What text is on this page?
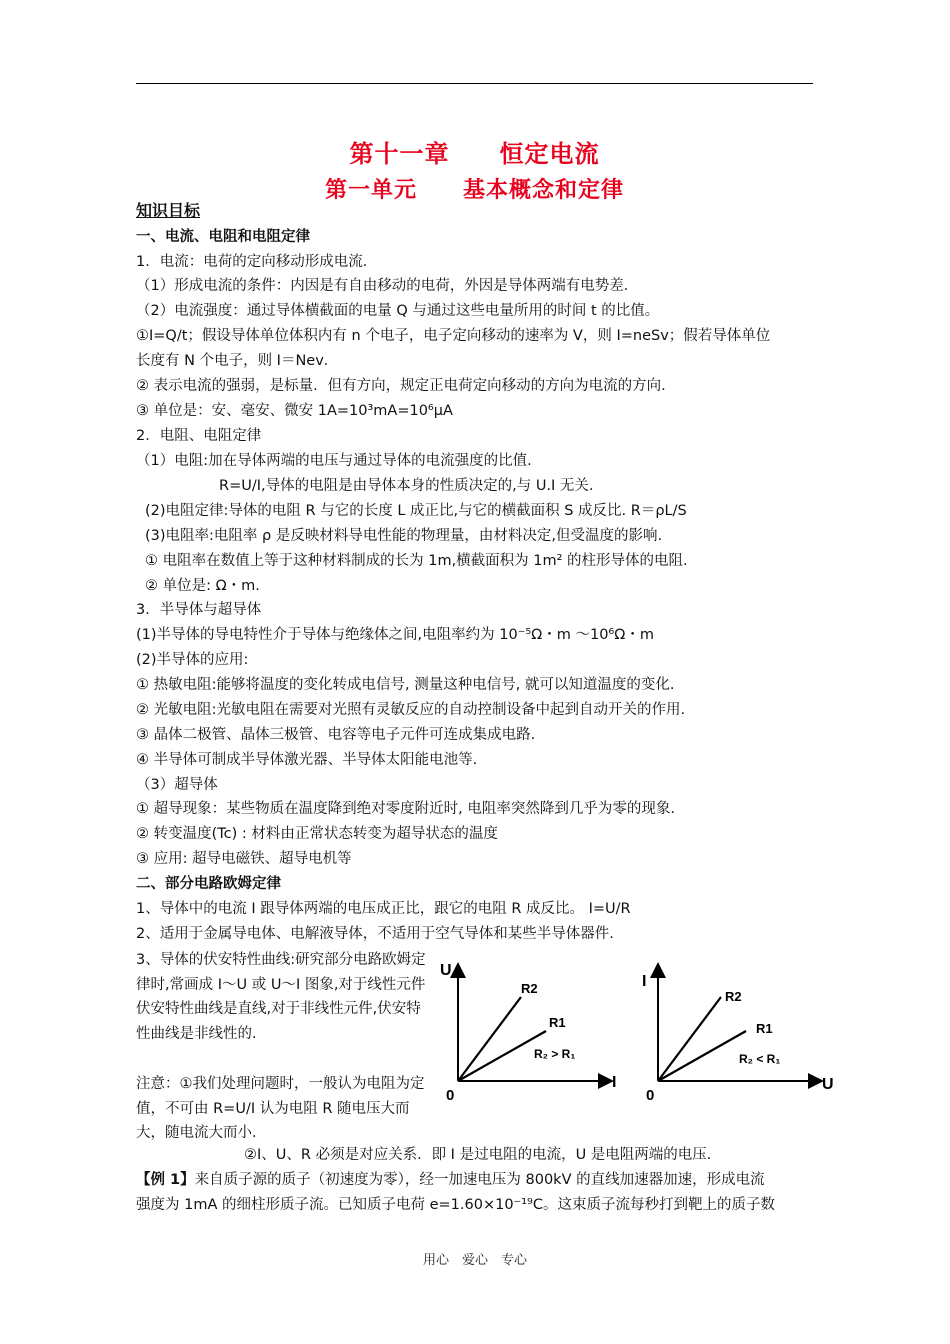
第十一章　　恒定电流
第一单元　　基本概念和定律
知识目标
一、电流、电阻和电阻定律
1．电流：电荷的定向移动形成电流．
（1）形成电流的条件：内因是有自由移动的电荷，外因是导体两端有电势差．
（2）电流强度：通过导体横截面的电量 Q 与通过这些电量所用的时间 t 的比值。
①I=Q/t；假设导体单位体积内有 n 个电子，电子定向移动的速率为 V，则 I=neSv；假若导体单位
长度有 N 个电子，则 I＝Nev．
② 表示电流的强弱，是标量．但有方向，规定正电荷定向移动的方向为电流的方向．
③ 单位是：安、毫安、微安 1A=10³mA=10⁶μA
2．电阻、电阻定律
（1）电阻:加在导体两端的电压与通过导体的电流强度的比值.
R=U/I,导体的电阻是由导体本身的性质决定的,与 U.I 无关.
(2)电阻定律:导体的电阻 R 与它的长度 L 成正比,与它的横截面积 S 成反比. R＝ρL/S
(3)电阻率:电阻率 ρ 是反映材料导电性能的物理量，由材料决定,但受温度的影响.
① 电阻率在数值上等于这种材料制成的长为 1m,横截面积为 1m² 的柱形导体的电阻.
② 单位是: Ω・m.
3．半导体与超导体
(1)半导体的导电特性介于导体与绝缘体之间,电阻率约为 10⁻⁵Ω・m ～10⁶Ω・m
(2)半导体的应用:
① 热敏电阻:能够将温度的变化转成电信号, 测量这种电信号, 就可以知道温度的变化.
② 光敏电阻:光敏电阻在需要对光照有灵敏反应的自动控制设备中起到自动开关的作用.
③ 晶体二极管、晶体三极管、电容等电子元件可连成集成电路.
④ 半导体可制成半导体激光器、半导体太阳能电池等.
（3）超导体
① 超导现象：某些物质在温度降到绝对零度附近时, 电阻率突然降到几乎为零的现象.
② 转变温度(Tc) : 材料由正常状态转变为超导状态的温度
③ 应用: 超导电磁铁、超导电机等
二、部分电路欧姆定律
1、导体中的电流 I 跟导体两端的电压成正比，跟它的电阻 R 成反比。 I=U/R
2、适用于金属导电体、电解液导体，不适用于空气导体和某些半导体器件.
3、导体的伏安特性曲线:研究部分电路欧姆定律时,常画成 I～U 或 U～I 图象,对于线性元件伏安特性曲线是直线,对于非线性元件,伏安特性曲线是非线性的.
注意：①我们处理问题时，一般认为电阻为定值，不可由 R=U/I 认为电阻 R 随电压大而大，随电流大而小．
②I、U、R 必须是对应关系．即 I 是过电阻的电流，U 是电阻两端的电压．
【例 1】来自质子源的质子（初速度为零），经一加速电压为 800kV 的直线加速器加速，形成电流
强度为 1mA 的细柱形质子流。已知质子电荷 e=1.60×10⁻¹⁹C。这束质子流每秒打到靶上的质子数
U
I
0
R2
R1
R₂ > R₁
I
U
0
R2
R1
R₂ < R₁
用心　爱心　专心
